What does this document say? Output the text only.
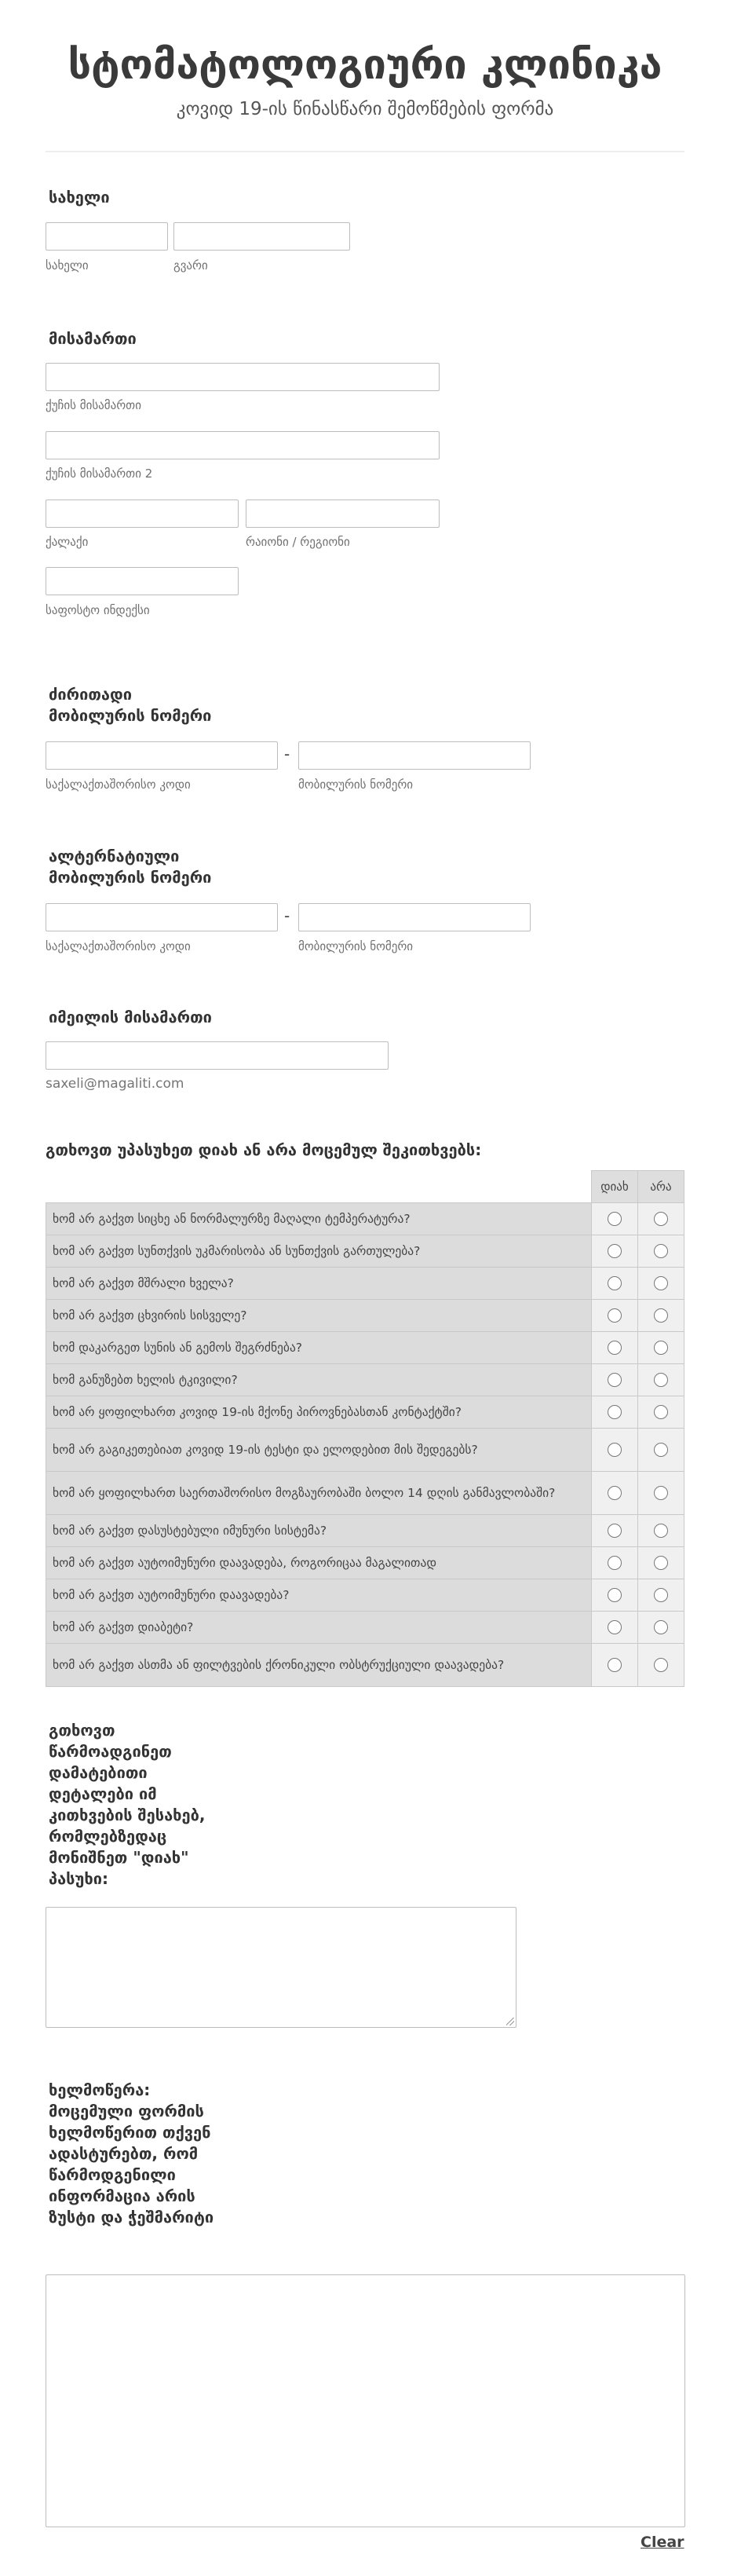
სტომატოლოგიური კლინიკა
კოვიდ 19-ის წინასწარი შემოწმების ფორმა
სახელი
სახელი	გვარი
მისამართი
ქუჩის მისამართი
ქუჩის მისამართი 2
ქალაქი	რაიონი / რეგიონი
საფოსტო ინდექსი
ძირითადი
მობილურის ნომერი
-
საქალაქთაშორისო კოდი	მობილურის ნომერი
ალტერნატიული
მობილურის ნომერი
-
საქალაქთაშორისო კოდი	მობილურის ნომერი
იმეილის მისამართი
saxeli@magaliti.com
გთხოვთ უპასუხეთ დიახ ან არა მოცემულ შეკითხვებს:
	დიახ	არა
ხომ არ გაქვთ სიცხე ან ნორმალურზე მაღალი ტემპერატურა?		
ხომ არ გაქვთ სუნთქვის უკმარისობა ან სუნთქვის გართულება?		
ხომ არ გაქვთ მშრალი ხველა?		
ხომ არ გაქვთ ცხვირის სისველე?		
ხომ დაკარგეთ სუნის ან გემოს შეგრძნება?		
ხომ განუზებთ ხელის ტკივილი?		
ხომ არ ყოფილხართ კოვიდ 19-ის მქონე პიროვნებასთან კონტაქტში?		
ხომ არ გაგიკეთებიათ კოვიდ 19-ის ტესტი და ელოდებით მის შედეგებს?		
ხომ არ ყოფილხართ საერთაშორისო მოგზაურობაში ბოლო 14 დღის განმავლობაში?		
ხომ არ გაქვთ დასუსტებული იმუნური სისტემა?		
ხომ არ გაქვთ აუტოიმუნური დაავადება, როგორიცაა მაგალითად		
ხომ არ გაქვთ აუტოიმუნური დაავადება?		
ხომ არ გაქვთ დიაბეტი?		
ხომ არ გაქვთ ასთმა ან ფილტვების ქრონიკული ობსტრუქციული დაავადება?		
გთხოვთ
წარმოადგინეთ
დამატებითი
დეტალები იმ
კითხვების შესახებ,
რომლებზედაც
მონიშნეთ "დიახ"
პასუხი:
ხელმოწერა:
მოცემული ფორმის
ხელმოწერით თქვენ
ადასტურებთ, რომ
წარმოდგენილი
ინფორმაცია არის
ზუსტი და ჭეშმარიტი
Clear
